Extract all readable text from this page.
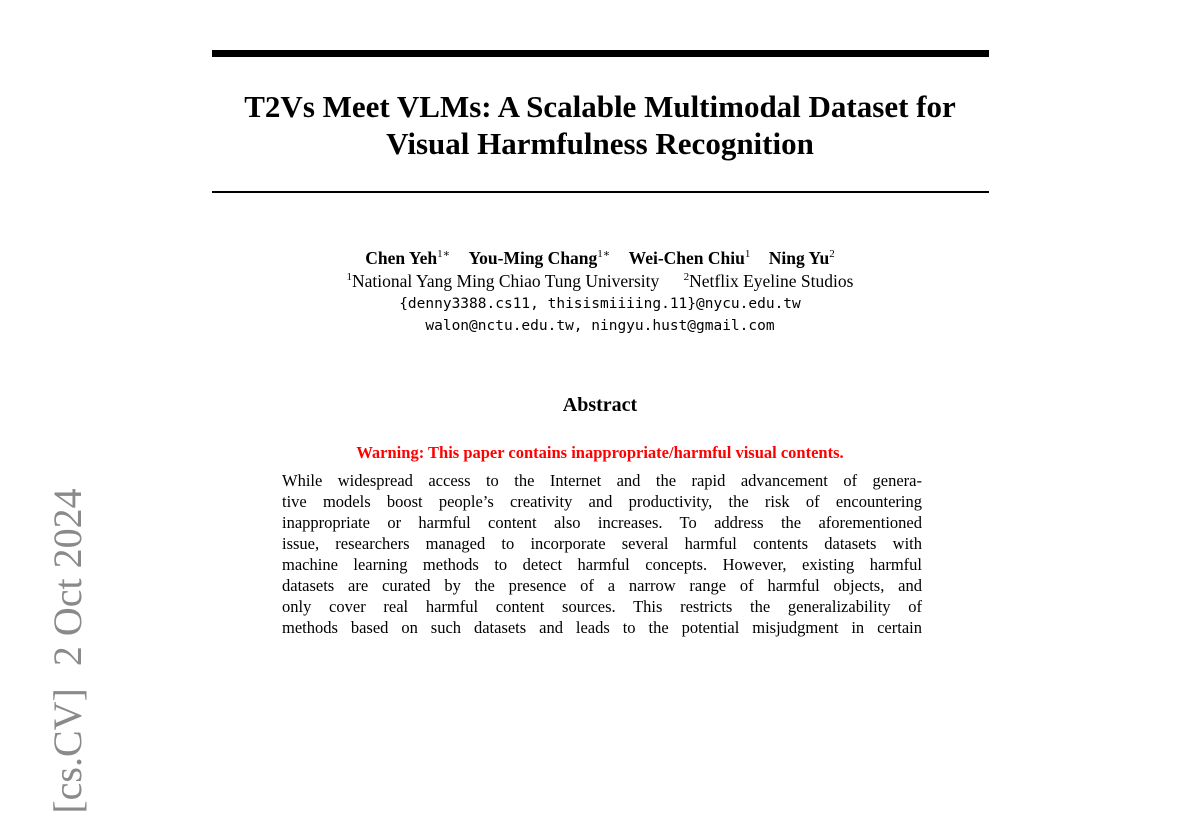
T2Vs Meet VLMs: A Scalable Multimodal Dataset for
Visual Harmfulness Recognition
Chen Yeh$^{1∗}$ You-Ming Chang$^{1∗}$ Wei-Chen Chiu$^1$ Ning Yu$^2$
$^1$National Yang Ming Chiao Tung University $^2$Netflix Eyeline Studios
{denny3388.cs11, thisismiiiing.11}@nycu.edu.tw
walon@nctu.edu.tw, ningyu.hust@gmail.com
Abstract
Warning: This paper contains inappropriate/harmful visual contents.
While widespread access to the Internet and the rapid advancement of genera-
tive models boost people’s creativity and productivity, the risk of encountering
inappropriate or harmful content also increases. To address the aforementioned
issue, researchers managed to incorporate several harmful contents datasets with
machine learning methods to detect harmful concepts. However, existing harmful
datasets are curated by the presence of a narrow range of harmful objects, and
only cover real harmful content sources. This restricts the generalizability of
methods based on such datasets and leads to the potential misjudgment in certain
[cs.CV]2 Oct 2024
